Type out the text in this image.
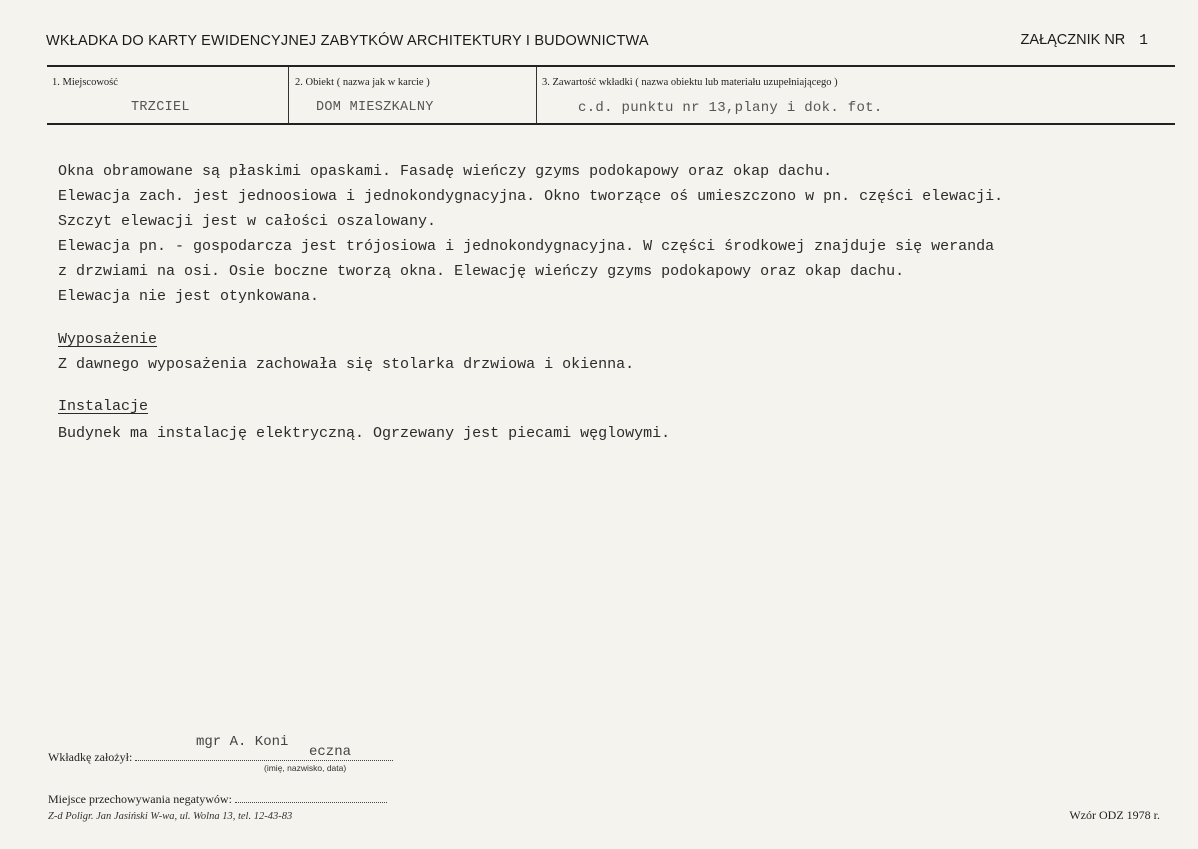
WKŁADKA DO KARTY EWIDENCYJNEJ ZABYTKÓW ARCHITEKTURY I BUDOWNICTWA	ZAŁĄCZNIK NR 1
1. Miejscowość
TRZCIEL
2. Obiekt ( nazwa jak w karcie )
DOM MIESZKALNY
3. Zawartość wkładki ( nazwa obiektu lub materiału uzupełniającego )
c.d. punktu nr 13,plany i dok. fot.
Okna obramowane są płaskimi opaskami. Fasadę wieńczy gzyms podokapowy oraz okap dachu.
Elewacja zach. jest jednoosiowa i jednokondygnacyjna. Okno tworzące oś umieszczono w pn. części elewacji.
Szczyt elewacji jest w całości oszalowany.
Elewacja pn. - gospodarcza jest trójosiowa i jednokondygnacyjna. W części środkowej znajduje się weranda
z drzwiami na osi. Osie boczne tworzą okna. Elewację wieńczy gzyms podokapowy oraz okap dachu.
Elewacja nie jest otynkowana.
Wyposażenie
Z dawnego wyposażenia zachowała się stolarka drzwiowa i okienna.
Instalacje
Budynek ma instalację elektryczną. Ogrzewany jest piecami węglowymi.
mgr A. Koni
eczna
Wkładkę założył:
(imię, nazwisko, data)
Miejsce przechowywania negatywów:
Z-d Poligr. Jan Jasiński W-wa, ul. Wolna 13, tel. 12-43-83	Wzór ODZ 1978 r.
